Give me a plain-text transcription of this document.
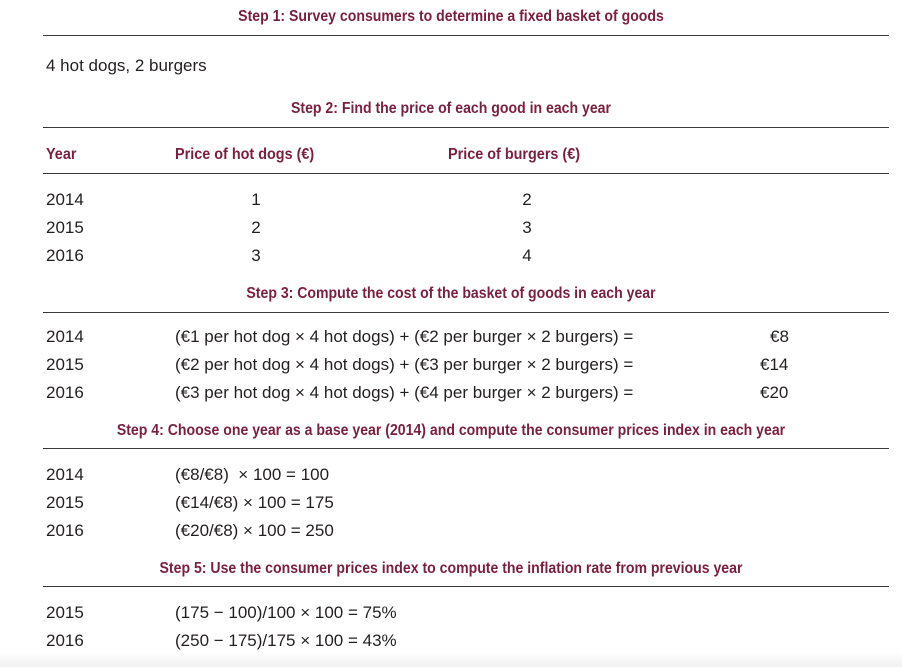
Step 1: Survey consumers to determine a fixed basket of goods
4 hot dogs, 2 burgers
Step 2: Find the price of each good in each year
Year	Price of hot dogs (€)	Price of burgers (€)
2014	1	2
2015	2	3
2016	3	4
Step 3: Compute the cost of the basket of goods in each year
2014	(€1 per hot dog × 4 hot dogs) + (€2 per burger × 2 burgers) =	€8
2015	(€2 per hot dog × 4 hot dogs) + (€3 per burger × 2 burgers) =	€14
2016	(€3 per hot dog × 4 hot dogs) + (€4 per burger × 2 burgers) =	€20
Step 4: Choose one year as a base year (2014) and compute the consumer prices index in each year
2014	(€8/€8)  × 100 = 100
2015	(€14/€8) × 100 = 175
2016	(€20/€8) × 100 = 250
Step 5: Use the consumer prices index to compute the inflation rate from previous year
2015	(175 − 100)/100 × 100 = 75%
2016	(250 − 175)/175 × 100 = 43%
